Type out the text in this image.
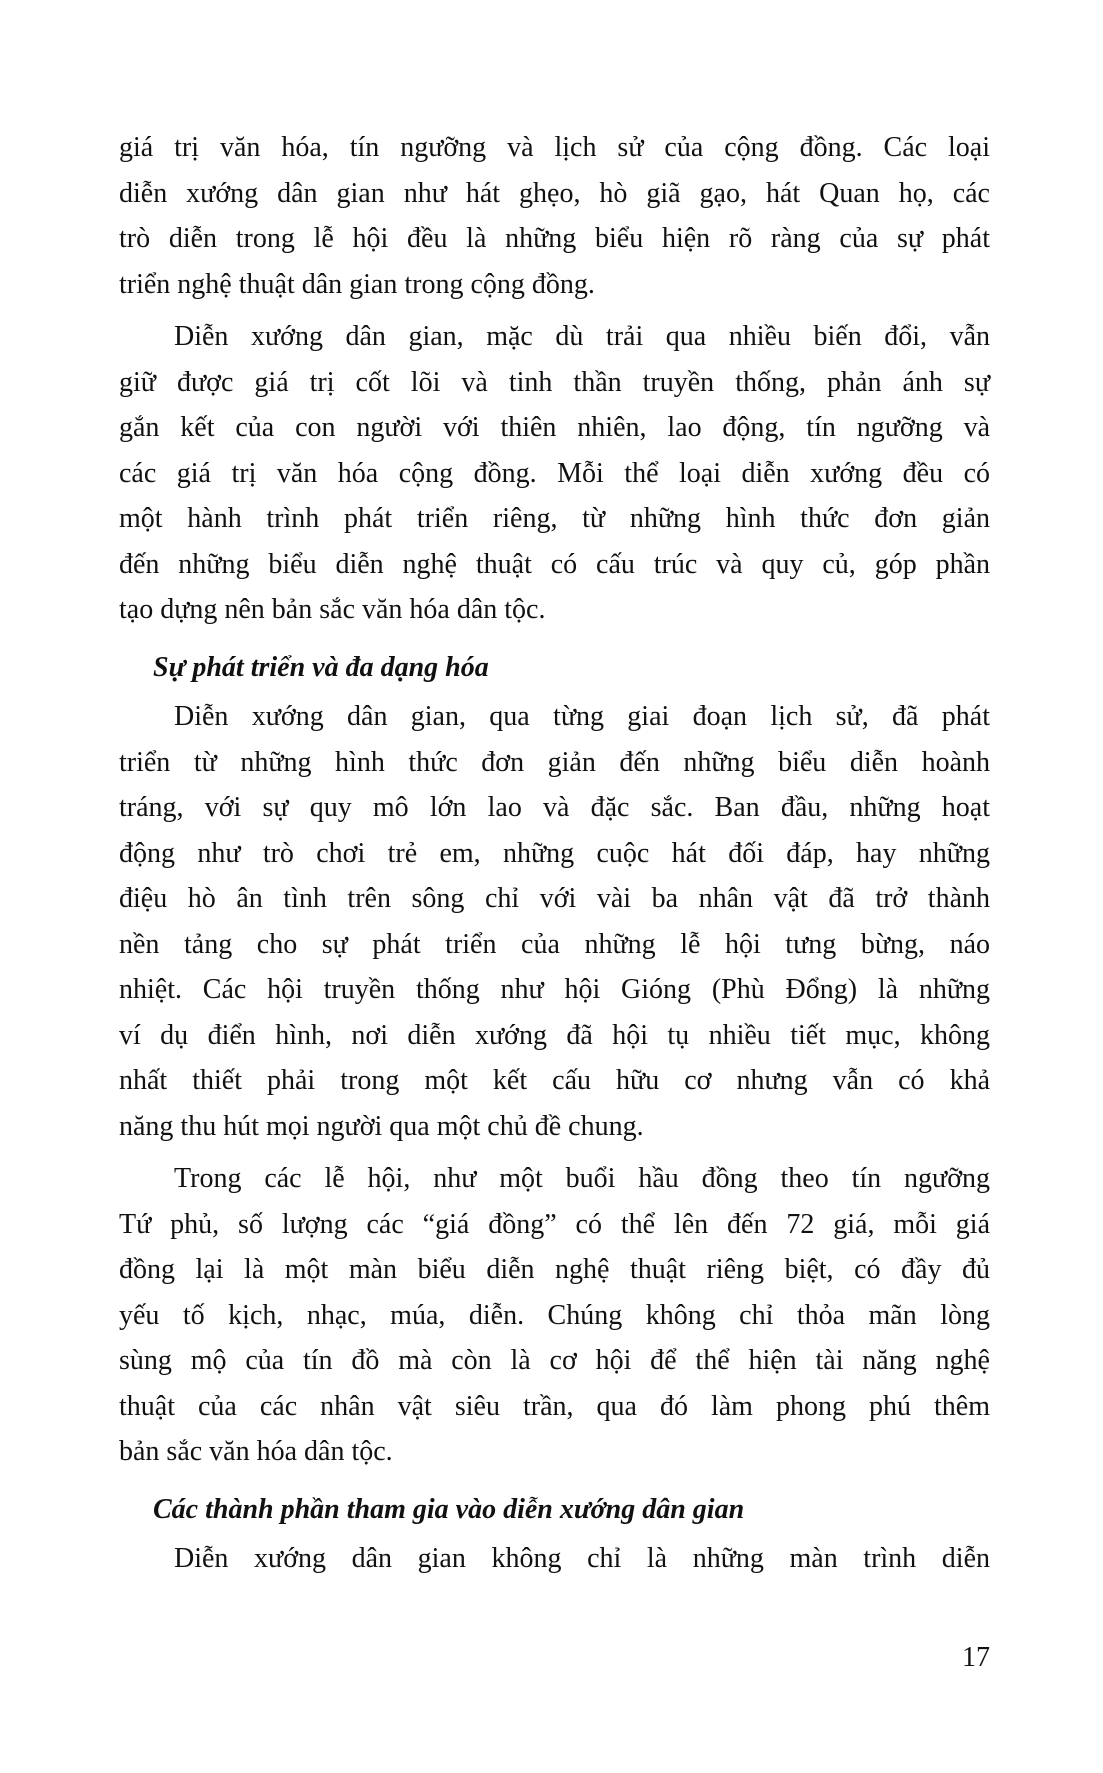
giá trị văn hóa, tín ngưỡng và lịch sử của cộng đồng. Các loại
diễn xướng dân gian như hát ghẹo, hò giã gạo, hát Quan họ, các
trò diễn trong lễ hội đều là những biểu hiện rõ ràng của sự phát
triển nghệ thuật dân gian trong cộng đồng.
Diễn xướng dân gian, mặc dù trải qua nhiều biến đổi, vẫn
giữ được giá trị cốt lõi và tinh thần truyền thống, phản ánh sự
gắn kết của con người với thiên nhiên, lao động, tín ngưỡng và
các giá trị văn hóa cộng đồng. Mỗi thể loại diễn xướng đều có
một hành trình phát triển riêng, từ những hình thức đơn giản
đến những biểu diễn nghệ thuật có cấu trúc và quy củ, góp phần
tạo dựng nên bản sắc văn hóa dân tộc.
Sự phát triển và đa dạng hóa
Diễn xướng dân gian, qua từng giai đoạn lịch sử, đã phát
triển từ những hình thức đơn giản đến những biểu diễn hoành
tráng, với sự quy mô lớn lao và đặc sắc. Ban đầu, những hoạt
động như trò chơi trẻ em, những cuộc hát đối đáp, hay những
điệu hò ân tình trên sông chỉ với vài ba nhân vật đã trở thành
nền tảng cho sự phát triển của những lễ hội tưng bừng, náo
nhiệt. Các hội truyền thống như hội Gióng (Phù Đổng) là những
ví dụ điển hình, nơi diễn xướng đã hội tụ nhiều tiết mục, không
nhất thiết phải trong một kết cấu hữu cơ nhưng vẫn có khả
năng thu hút mọi người qua một chủ đề chung.
Trong các lễ hội, như một buổi hầu đồng theo tín ngưỡng
Tứ phủ, số lượng các “giá đồng” có thể lên đến 72 giá, mỗi giá
đồng lại là một màn biểu diễn nghệ thuật riêng biệt, có đầy đủ
yếu tố kịch, nhạc, múa, diễn. Chúng không chỉ thỏa mãn lòng
sùng mộ của tín đồ mà còn là cơ hội để thể hiện tài năng nghệ
thuật của các nhân vật siêu trần, qua đó làm phong phú thêm
bản sắc văn hóa dân tộc.
Các thành phần tham gia vào diễn xướng dân gian
Diễn xướng dân gian không chỉ là những màn trình diễn
17
